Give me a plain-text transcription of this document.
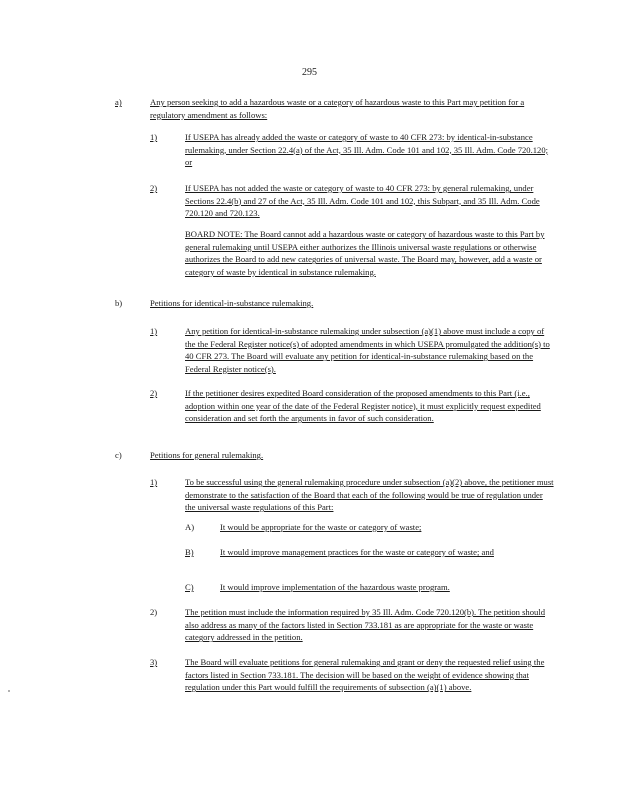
295
a)	Any person seeking to add a hazardous waste or a category of hazardous waste to this Part may petition for a regulatory amendment as follows:
1)	If USEPA has already added the waste or category of waste to 40 CFR 273: by identical-in-substance rulemaking, under Section 22.4(a) of the Act, 35 Ill. Adm. Code 101 and 102, 35 Ill. Adm. Code 720.120; or
2)	If USEPA has not added the waste or category of waste to 40 CFR 273: by general rulemaking, under Sections 22.4(b) and 27 of the Act, 35 Ill. Adm. Code 101 and 102, this Subpart, and 35 Ill. Adm. Code 720.120 and 720.123.
BOARD NOTE: The Board cannot add a hazardous waste or category of hazardous waste to this Part by general rulemaking until USEPA either authorizes the Illinois universal waste regulations or otherwise authorizes the Board to add new categories of universal waste. The Board may, however, add a waste or category of waste by identical in substance rulemaking.
b)	Petitions for identical-in-substance rulemaking.
1)	Any petition for identical-in-substance rulemaking under subsection (a)(1) above must include a copy of the the Federal Register notice(s) of adopted amendments in which USEPA promulgated the addition(s) to 40 CFR 273. The Board will evaluate any petition for identical-in-substance rulemaking based on the Federal Register notice(s).
2)	If the petitioner desires expedited Board consideration of the proposed amendments to this Part (i.e., adoption within one year of the date of the Federal Register notice), it must explicitly request expedited consideration and set forth the arguments in favor of such consideration.
c)	Petitions for general rulemaking.
1)	To be successful using the general rulemaking procedure under subsection (a)(2) above, the petitioner must demonstrate to the satisfaction of the Board that each of the following would be true of regulation under the universal waste regulations of this Part:
A)	It would be appropriate for the waste or category of waste;
B)	It would improve management practices for the waste or category of waste; and
C)	It would improve implementation of the hazardous waste program.
2)	The petition must include the information required by 35 Ill. Adm. Code 720.120(b). The petition should also address as many of the factors listed in Section 733.181 as are appropriate for the waste or waste category addressed in the petition.
3)	The Board will evaluate petitions for general rulemaking and grant or deny the requested relief using the factors listed in Section 733.181. The decision will be based on the weight of evidence showing that regulation under this Part would fulfill the requirements of subsection (a)(1) above.
